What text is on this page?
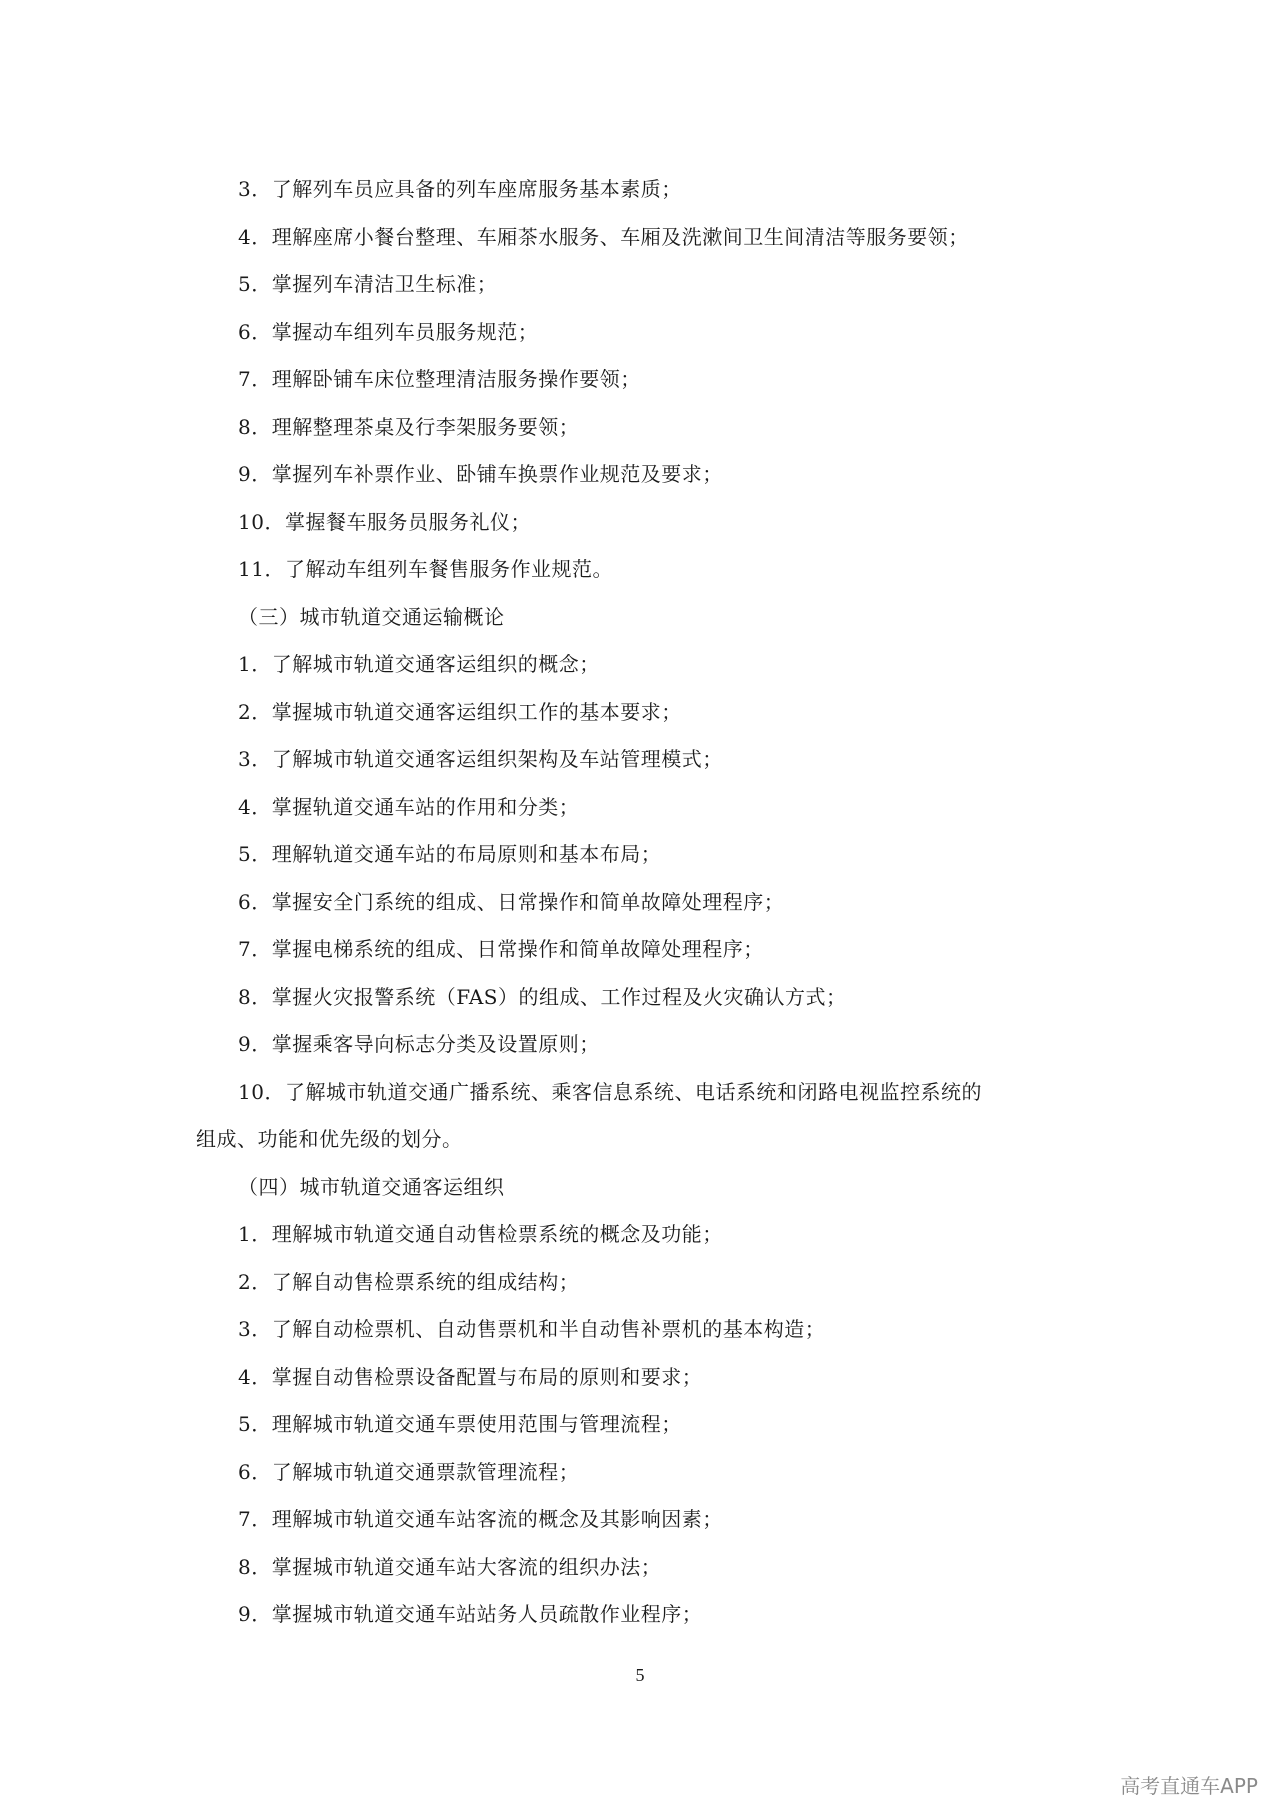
3．了解列车员应具备的列车座席服务基本素质；
4．理解座席小餐台整理、车厢茶水服务、车厢及洗漱间卫生间清洁等服务要领；
5．掌握列车清洁卫生标准；
6．掌握动车组列车员服务规范；
7．理解卧铺车床位整理清洁服务操作要领；
8．理解整理茶桌及行李架服务要领；
9．掌握列车补票作业、卧铺车换票作业规范及要求；
10．掌握餐车服务员服务礼仪；
11．了解动车组列车餐售服务作业规范。
（三）城市轨道交通运输概论
1．了解城市轨道交通客运组织的概念；
2．掌握城市轨道交通客运组织工作的基本要求；
3．了解城市轨道交通客运组织架构及车站管理模式；
4．掌握轨道交通车站的作用和分类；
5．理解轨道交通车站的布局原则和基本布局；
6．掌握安全门系统的组成、日常操作和简单故障处理程序；
7．掌握电梯系统的组成、日常操作和简单故障处理程序；
8．掌握火灾报警系统（FAS）的组成、工作过程及火灾确认方式；
9．掌握乘客导向标志分类及设置原则；
10．了解城市轨道交通广播系统、乘客信息系统、电话系统和闭路电视监控系统的
组成、功能和优先级的划分。
（四）城市轨道交通客运组织
1．理解城市轨道交通自动售检票系统的概念及功能；
2．了解自动售检票系统的组成结构；
3．了解自动检票机、自动售票机和半自动售补票机的基本构造；
4．掌握自动售检票设备配置与布局的原则和要求；
5．理解城市轨道交通车票使用范围与管理流程；
6．了解城市轨道交通票款管理流程；
7．理解城市轨道交通车站客流的概念及其影响因素；
8．掌握城市轨道交通车站大客流的组织办法；
9．掌握城市轨道交通车站站务人员疏散作业程序；
5
高考直通车APP
